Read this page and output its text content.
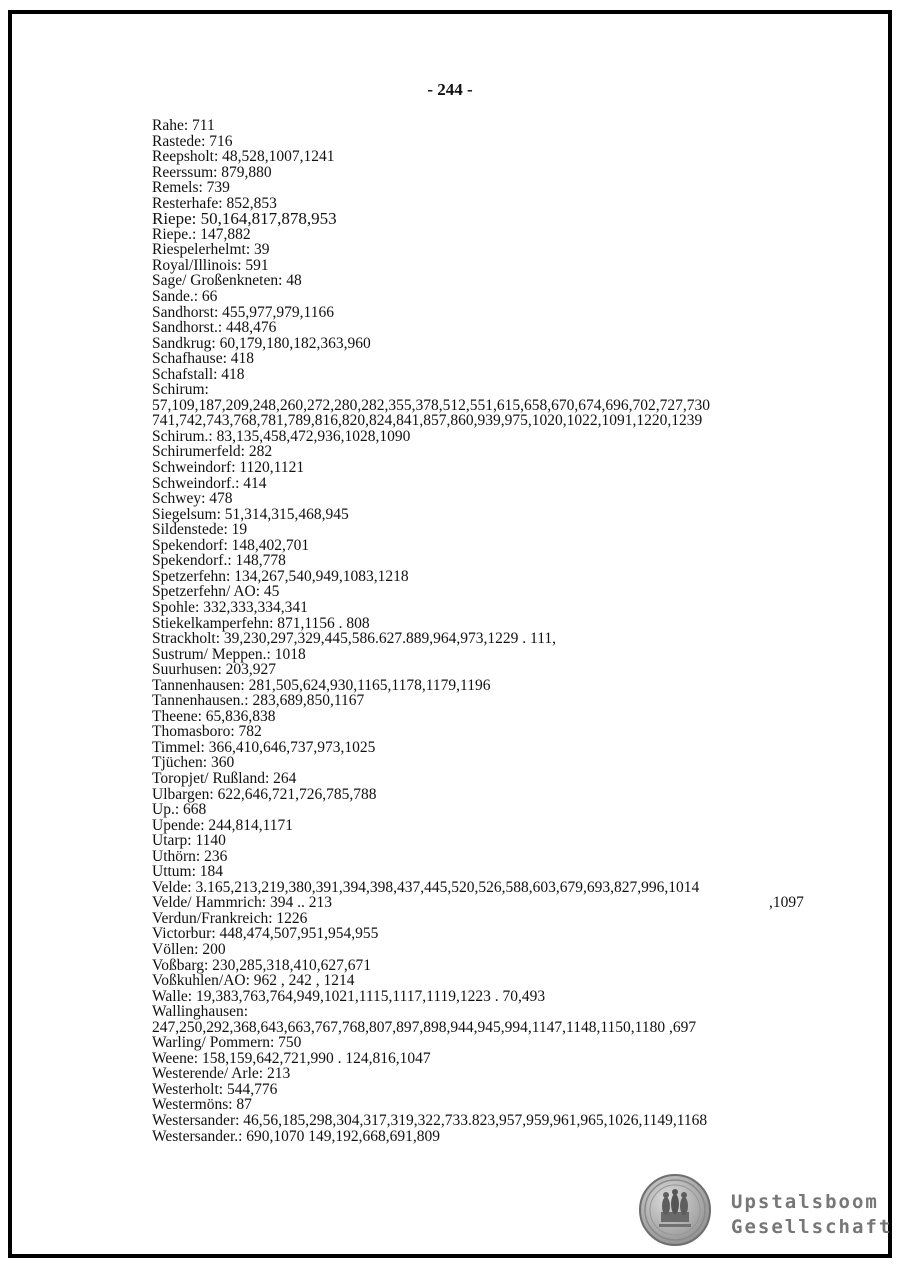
- 244 -
Rahe: 711
Rastede: 716
Reepsholt: 48,528,1007,1241
Reerssum: 879,880
Remels: 739
Resterhafe: 852,853
Riepe: 50,164,817,878,953
Riepe.: 147,882
Riespelerhelmt: 39
Royal/Illinois: 591
Sage/ Großenkneten: 48
Sande.: 66
Sandhorst: 455,977,979,1166
Sandhorst.: 448,476
Sandkrug: 60,179,180,182,363,960
Schafhause: 418
Schafstall: 418
Schirum:
57,109,187,209,248,260,272,280,282,355,378,512,551,615,658,670,674,696,702,727,730
741,742,743,768,781,789,816,820,824,841,857,860,939,975,1020,1022,1091,1220,1239
Schirum.: 83,135,458,472,936,1028,1090
Schirumerfeld: 282
Schweindorf: 1120,1121
Schweindorf.: 414
Schwey: 478
Siegelsum: 51,314,315,468,945
Sildenstede: 19
Spekendorf: 148,402,701
Spekendorf.: 148,778
Spetzerfehn: 134,267,540,949,1083,1218
Spetzerfehn/ AO: 45
Spohle: 332,333,334,341
Stiekelkamperfehn: 871,1156 . 808
Strackholt: 39,230,297,329,445,586.627.889,964,973,1229 . 111,
Sustrum/ Meppen.: 1018
Suurhusen: 203,927
Tannenhausen: 281,505,624,930,1165,1178,1179,1196
Tannenhausen.: 283,689,850,1167
Theene: 65,836,838
Thomasboro: 782
Timmel: 366,410,646,737,973,1025
Tjüchen: 360
Toropjet/ Rußland: 264
Ulbargen: 622,646,721,726,785,788
Up.: 668
Upende: 244,814,1171
Utarp: 1140
Uthörn: 236
Uttum: 184
Velde: 3.165,213,219,380,391,394,398,437,445,520,526,588,603,679,693,827,996,1014
Velde/ Hammrich: 394 .. 213	,1097
Verdun/Frankreich: 1226
Victorbur: 448,474,507,951,954,955
Völlen: 200
Voßbarg: 230,285,318,410,627,671
Voßkuhlen/AO: 962 , 242 , 1214
Walle: 19,383,763,764,949,1021,1115,1117,1119,1223 . 70,493
Wallinghausen:
247,250,292,368,643,663,767,768,807,897,898,944,945,994,1147,1148,1150,1180 ,697
Warling/ Pommern: 750
Weene: 158,159,642,721,990 . 124,816,1047
Westerende/ Arle: 213
Westerholt: 544,776
Westermöns: 87
Westersander: 46,56,185,298,304,317,319,322,733.823,957,959,961,965,1026,1149,1168
Westersander.: 690,1070 149,192,668,691,809
Upstalsboom
Gesellschaft
